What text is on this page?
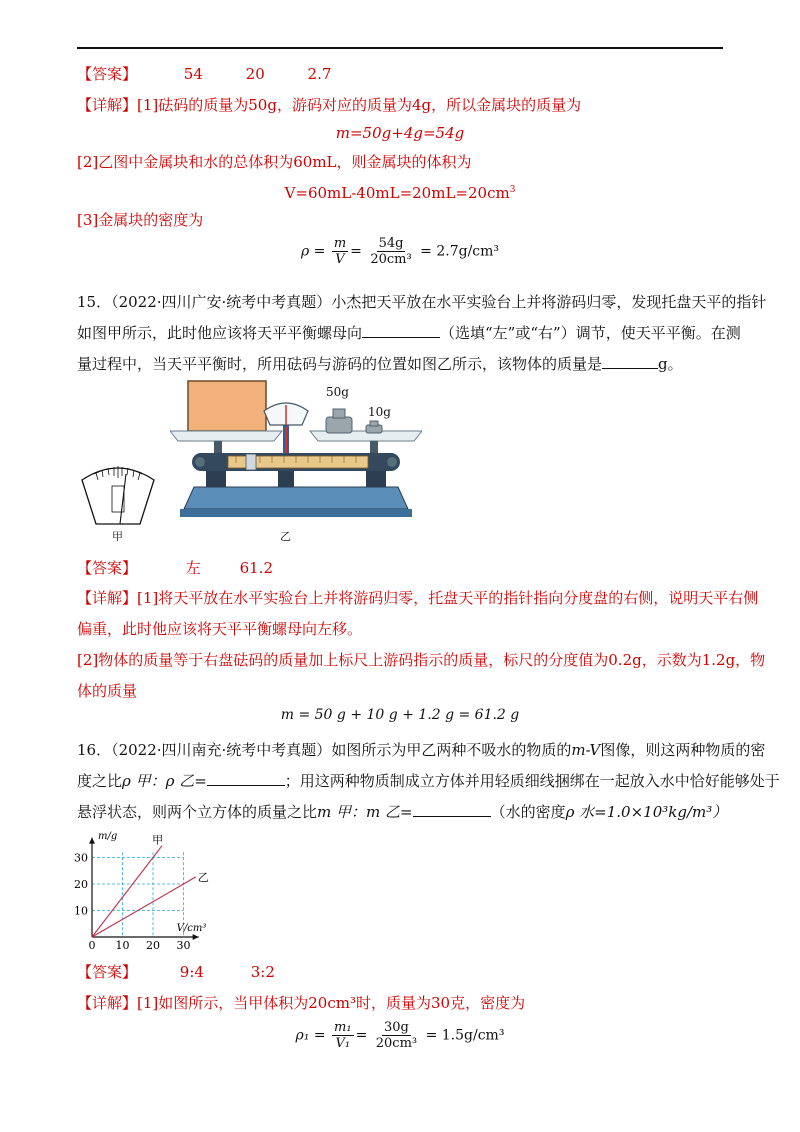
【答案】	54	20	2.7
【详解】[1]砝码的质量为50g，游码对应的质量为4g，所以金属块的质量为
m=50g+4g=54g
[2]乙图中金属块和水的总体积为60mL，则金属块的体积为
$V=60mL-40mL=20mL=20cm^3$
[3]金属块的密度为
$\rho = \frac{m}{V} = \frac{54g}{\text{20cm³}} = 2.7g/cm^3$
15．（2022·四川广安·统考中考真题）小杰把天平放在水平实验台上并将游码归零，发现托盘天平的指针
如图甲所示，此时他应该将天平平衡螺母向	（选填“左”或“右”）调节，使天平平衡。在测
量过程中，当天平平衡时，所用砝码与游码的位置如图乙所示，该物体的质量是	g。
甲
50g
10g
乙
【答案】	左	61.2
【详解】[1]将天平放在水平实验台上并将游码归零，托盘天平的指针指向分度盘的右侧，说明天平右侧
偏重，此时他应该将天平平衡螺母向左移。
[2]物体的质量等于右盘砝码的质量加上标尺上游码指示的质量，标尺的分度值为0.2g，示数为1.2g，物
体的质量
m = 50 g + 10 g + 1.2 g = 61.2 g
16．（2022·四川南充·统考中考真题）如图所示为甲乙两种不吸水的物质的m-V图像，则这两种物质的密
度之比ρ 甲：ρ 乙=	；用这两种物质制成立方体并用轻质细线捆绑在一起放入水中恰好能够处于
悬浮状态，则两个立方体的质量之比m 甲：m 乙=	（水的密度ρ 水=1.0×10³kg/m³）
0 10 20 30
10
20
30
V/cm³
m/g	甲
乙
【答案】	9:4	3:2
【详解】[1]如图所示，当甲体积为20cm³时，质量为30克，密度为
$\rho_1 = \frac{\text{m₁}}{\text{V₁}} = \frac{30g}{\text{20cm³}} = 1.5g/cm^3$
